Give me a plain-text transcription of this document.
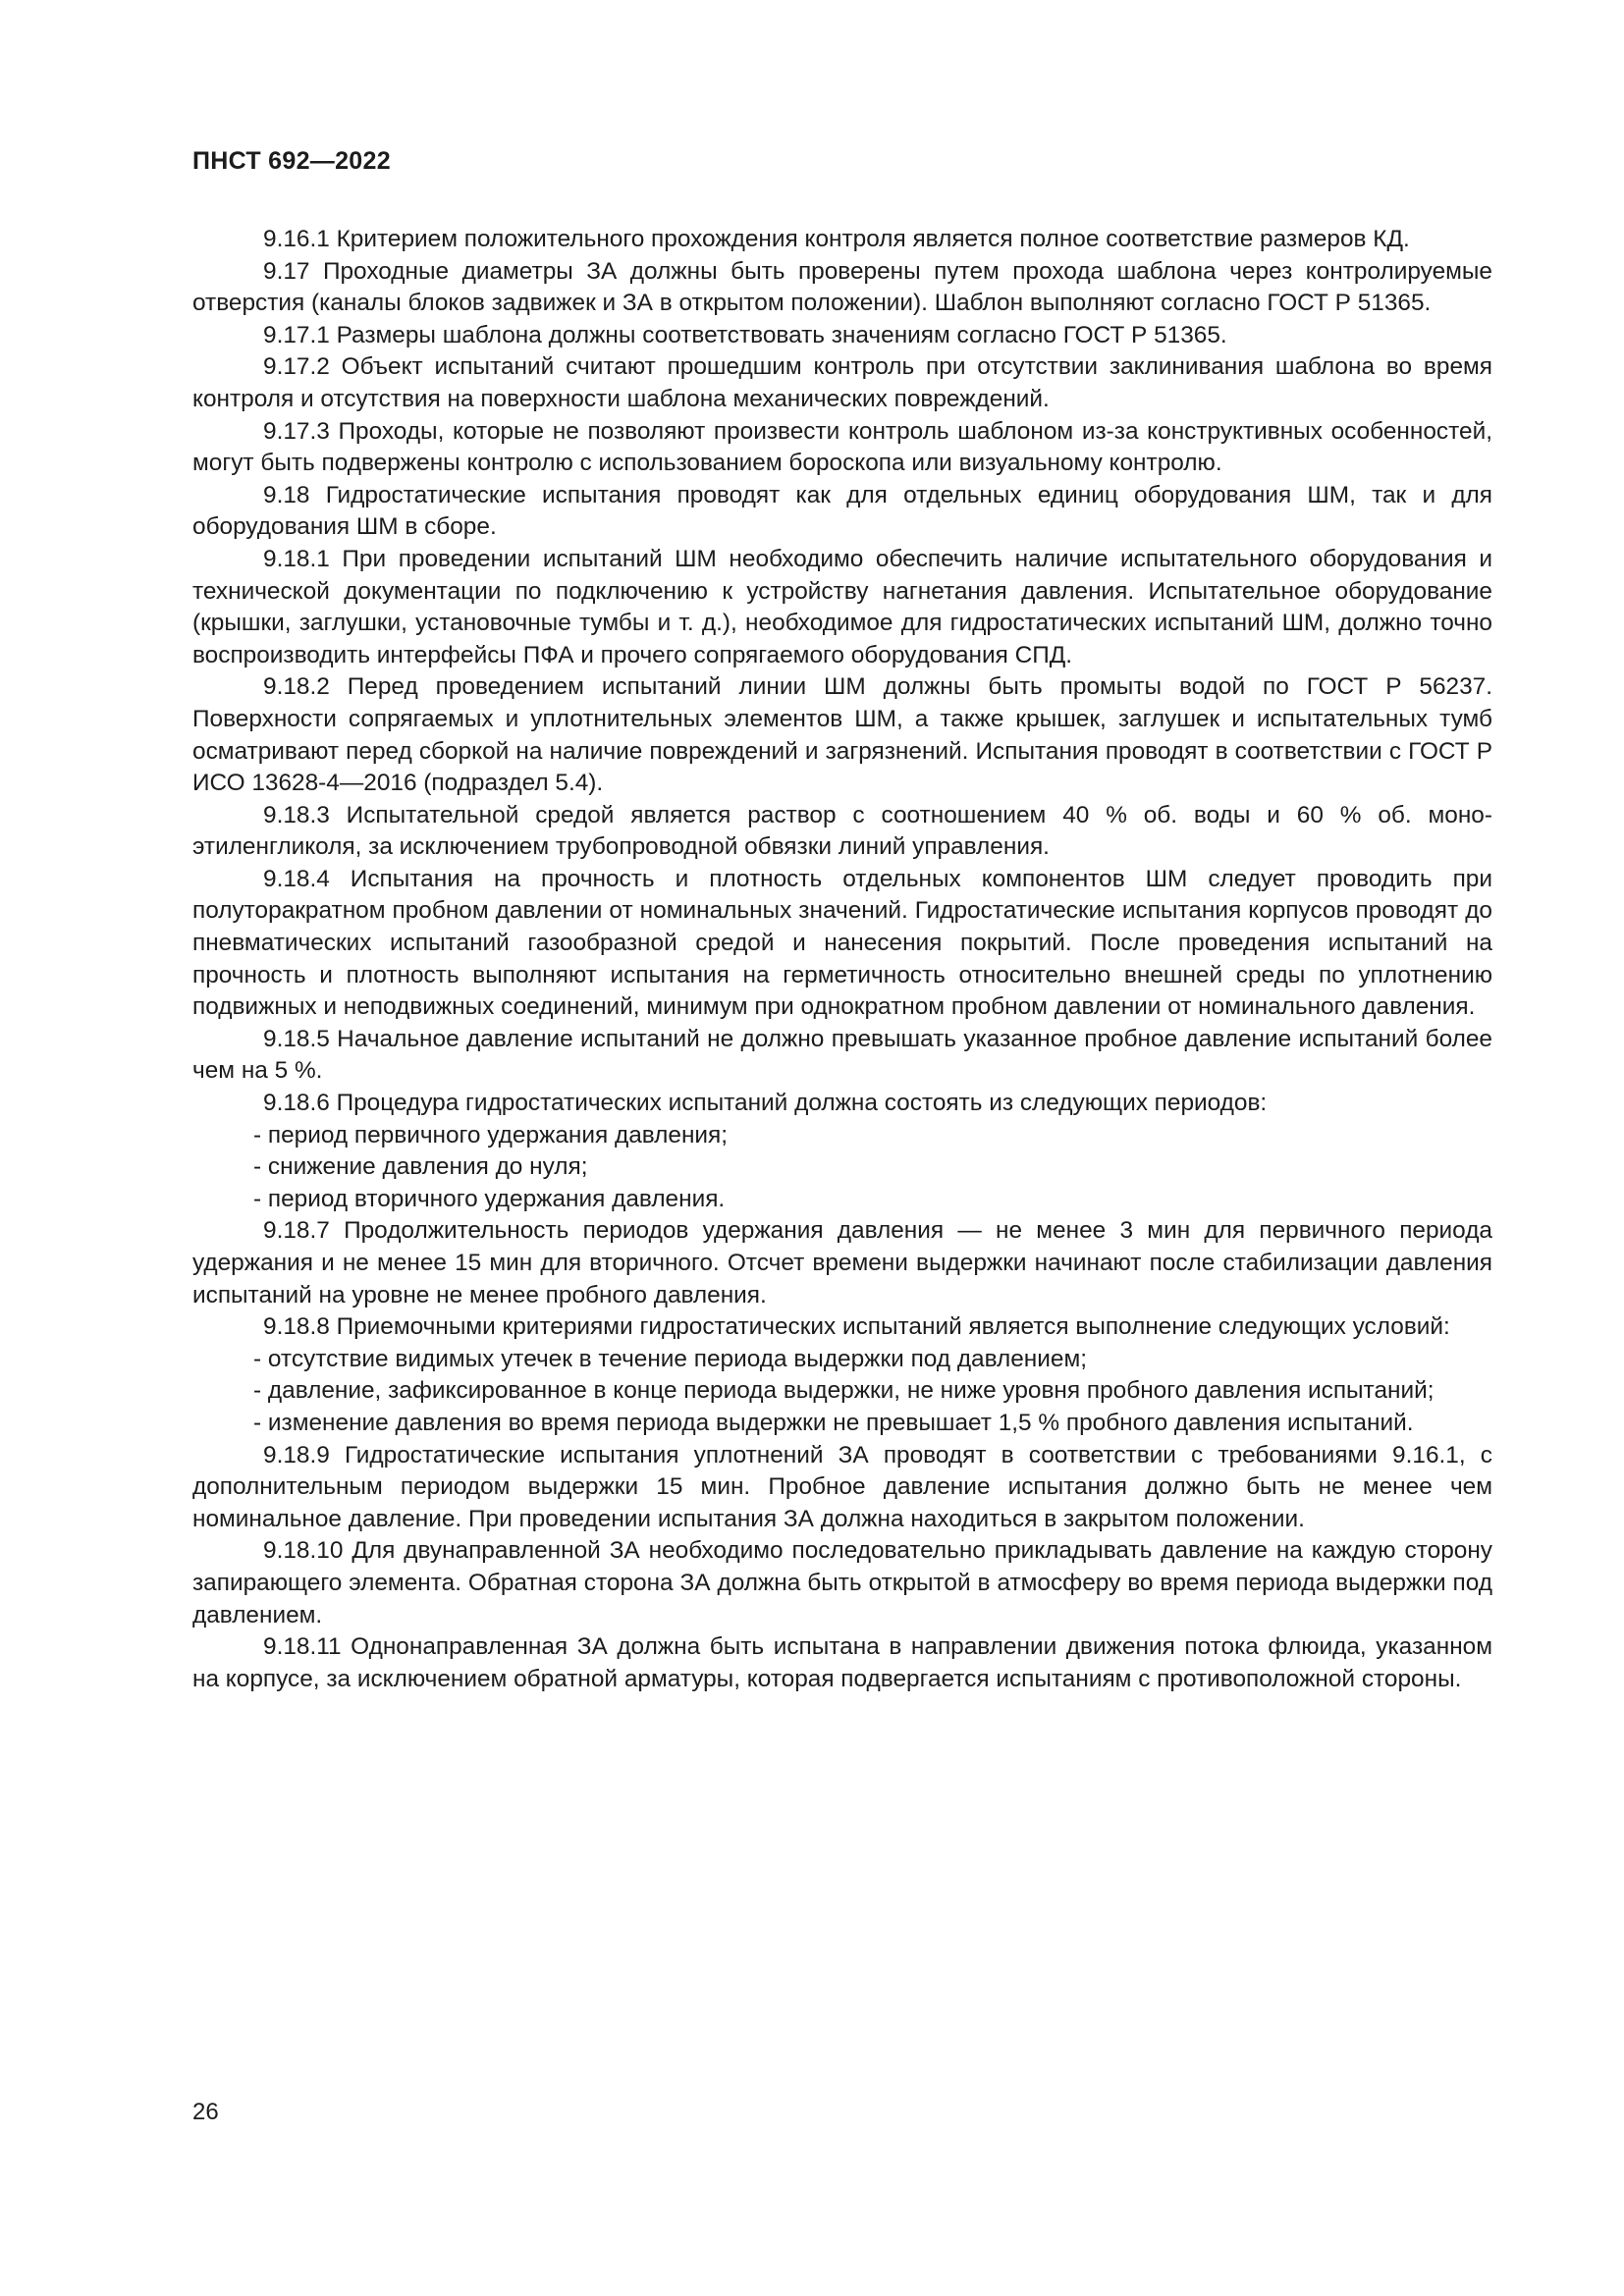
ПНСТ 692—2022

9.16.1 Критерием положительного прохождения контроля является полное соответствие размеров КД.

9.17 Проходные диаметры ЗА должны быть проверены путем прохода шаблона через контролируемые отверстия (каналы блоков задвижек и ЗА в открытом положении). Шаблон выполняют согласно ГОСТ Р 51365.

9.17.1 Размеры шаблона должны соответствовать значениям согласно ГОСТ Р 51365.

9.17.2 Объект испытаний считают прошедшим контроль при отсутствии заклинивания шаблона во время контроля и отсутствия на поверхности шаблона механических повреждений.

9.17.3 Проходы, которые не позволяют произвести контроль шаблоном из-за конструктивных особенностей, могут быть подвержены контролю с использованием бороскопа или визуальному контролю.

9.18 Гидростатические испытания проводят как для отдельных единиц оборудования ШМ, так и для оборудования ШМ в сборе.

9.18.1 При проведении испытаний ШМ необходимо обеспечить наличие испытательного оборудования и технической документации по подключению к устройству нагнетания давления. Испытательное оборудование (крышки, заглушки, установочные тумбы и т. д.), необходимое для гидростатических испытаний ШМ, должно точно воспроизводить интерфейсы ПФА и прочего сопрягаемого оборудования СПД.

9.18.2 Перед проведением испытаний линии ШМ должны быть промыты водой по ГОСТ Р 56237. Поверхности сопрягаемых и уплотнительных элементов ШМ, а также крышек, заглушек и испытательных тумб осматривают перед сборкой на наличие повреждений и загрязнений. Испытания проводят в соответствии с ГОСТ Р ИСО 13628-4—2016 (подраздел 5.4).

9.18.3 Испытательной средой является раствор с соотношением 40 % об. воды и 60 % об. моноэтиленгликоля, за исключением трубопроводной обвязки линий управления.

9.18.4 Испытания на прочность и плотность отдельных компонентов ШМ следует проводить при полуторакратном пробном давлении от номинальных значений. Гидростатические испытания корпусов проводят до пневматических испытаний газообразной средой и нанесения покрытий. После проведения испытаний на прочность и плотность выполняют испытания на герметичность относительно внешней среды по уплотнению подвижных и неподвижных соединений, минимум при однократном пробном давлении от номинального давления.

9.18.5 Начальное давление испытаний не должно превышать указанное пробное давление испытаний более чем на 5 %.

9.18.6 Процедура гидростатических испытаний должна состоять из следующих периодов:

- период первичного удержания давления;

- снижение давления до нуля;

- период вторичного удержания давления.

9.18.7 Продолжительность периодов удержания давления — не менее 3 мин для первичного периода удержания и не менее 15 мин для вторичного. Отсчет времени выдержки начинают после стабилизации давления испытаний на уровне не менее пробного давления.

9.18.8 Приемочными критериями гидростатических испытаний является выполнение следующих условий:

- отсутствие видимых утечек в течение периода выдержки под давлением;

- давление, зафиксированное в конце периода выдержки, не ниже уровня пробного давления испытаний;

- изменение давления во время периода выдержки не превышает 1,5 % пробного давления испытаний.

9.18.9 Гидростатические испытания уплотнений ЗА проводят в соответствии с требованиями 9.16.1, с дополнительным периодом выдержки 15 мин. Пробное давление испытания должно быть не менее чем номинальное давление. При проведении испытания ЗА должна находиться в закрытом положении.

9.18.10 Для двунаправленной ЗА необходимо последовательно прикладывать давление на каждую сторону запирающего элемента. Обратная сторона ЗА должна быть открытой в атмосферу во время периода выдержки под давлением.

9.18.11 Однонаправленная ЗА должна быть испытана в направлении движения потока флюида, указанном на корпусе, за исключением обратной арматуры, которая подвергается испытаниям с противоположной стороны.

26
